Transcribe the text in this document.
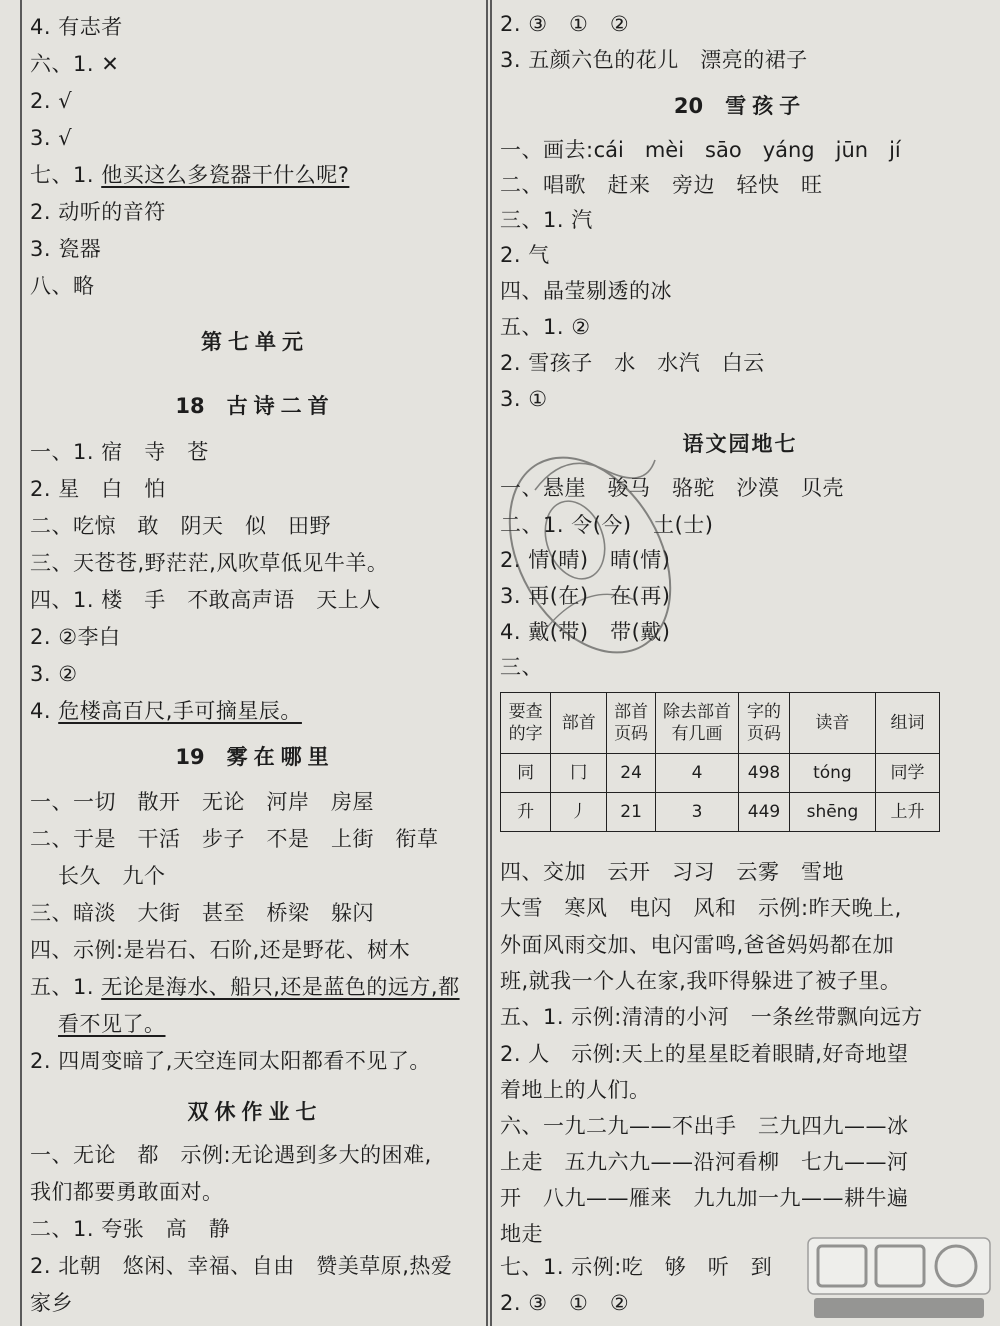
4. 有志者
六、1. ✕
2. √
3. √
七、1. 他买这么多瓷器干什么呢?
2. 动听的音符
3. 瓷器
八、略
第七单元
18 古诗二首
一、1. 宿　寺　苍
2. 星　白　怕
二、吃惊　敢　阴天　似　田野
三、天苍苍,野茫茫,风吹草低见牛羊。
四、1. 楼　手　不敢高声语　天上人
2. ②李白
3. ②
4. 危楼高百尺,手可摘星辰。
19 雾在哪里
一、一切　散开　无论　河岸　房屋
二、于是　干活　步子　不是　上街　衔草
长久　九个
三、暗淡　大街　甚至　桥梁　躲闪
四、示例:是岩石、石阶,还是野花、树木
五、1. 无论是海水、船只,还是蓝色的远方,都
看不见了。
2. 四周变暗了,天空连同太阳都看不见了。
双休作业七
一、无论　都　示例:无论遇到多大的困难,
我们都要勇敢面对。
二、1. 夸张　高　静
2. 北朝　悠闲、幸福、自由　赞美草原,热爱
家乡
2. ③　①　②
3. 五颜六色的花儿　漂亮的裙子
20 雪孩子
一、画去:cái　mèi　sāo　yáng　jūn　jí
二、唱歌　赶来　旁边　轻快　旺
三、1. 汽
2. 气
四、晶莹剔透的冰
五、1. ②
2. 雪孩子　水　水汽　白云
3. ①
语文园地七
一、悬崖　骏马　骆驼　沙漠　贝壳
二、1. 令(今)　土(士)
2. 情(晴)　晴(情)
3. 再(在)　在(再)
4. 戴(带)　带(戴)
三、
要查的字	部首	部首页码	除去部首有几画	字的页码	读音	组词
同	冂	24	4	498	tóng	同学
升	丿	21	3	449	shēng	上升
四、交加　云开　习习　云雾　雪地
大雪　寒风　电闪　风和　示例:昨天晚上,
外面风雨交加、电闪雷鸣,爸爸妈妈都在加
班,就我一个人在家,我吓得躲进了被子里。
五、1. 示例:清清的小河　一条丝带飘向远方
2. 人　示例:天上的星星眨着眼睛,好奇地望
着地上的人们。
六、一九二九——不出手　三九四九——冰
上走　五九六九——沿河看柳　七九——河
开　八九——雁来　九九加一九——耕牛遍
地走
七、1. 示例:吃　够　听　到
2. ③　①　②
